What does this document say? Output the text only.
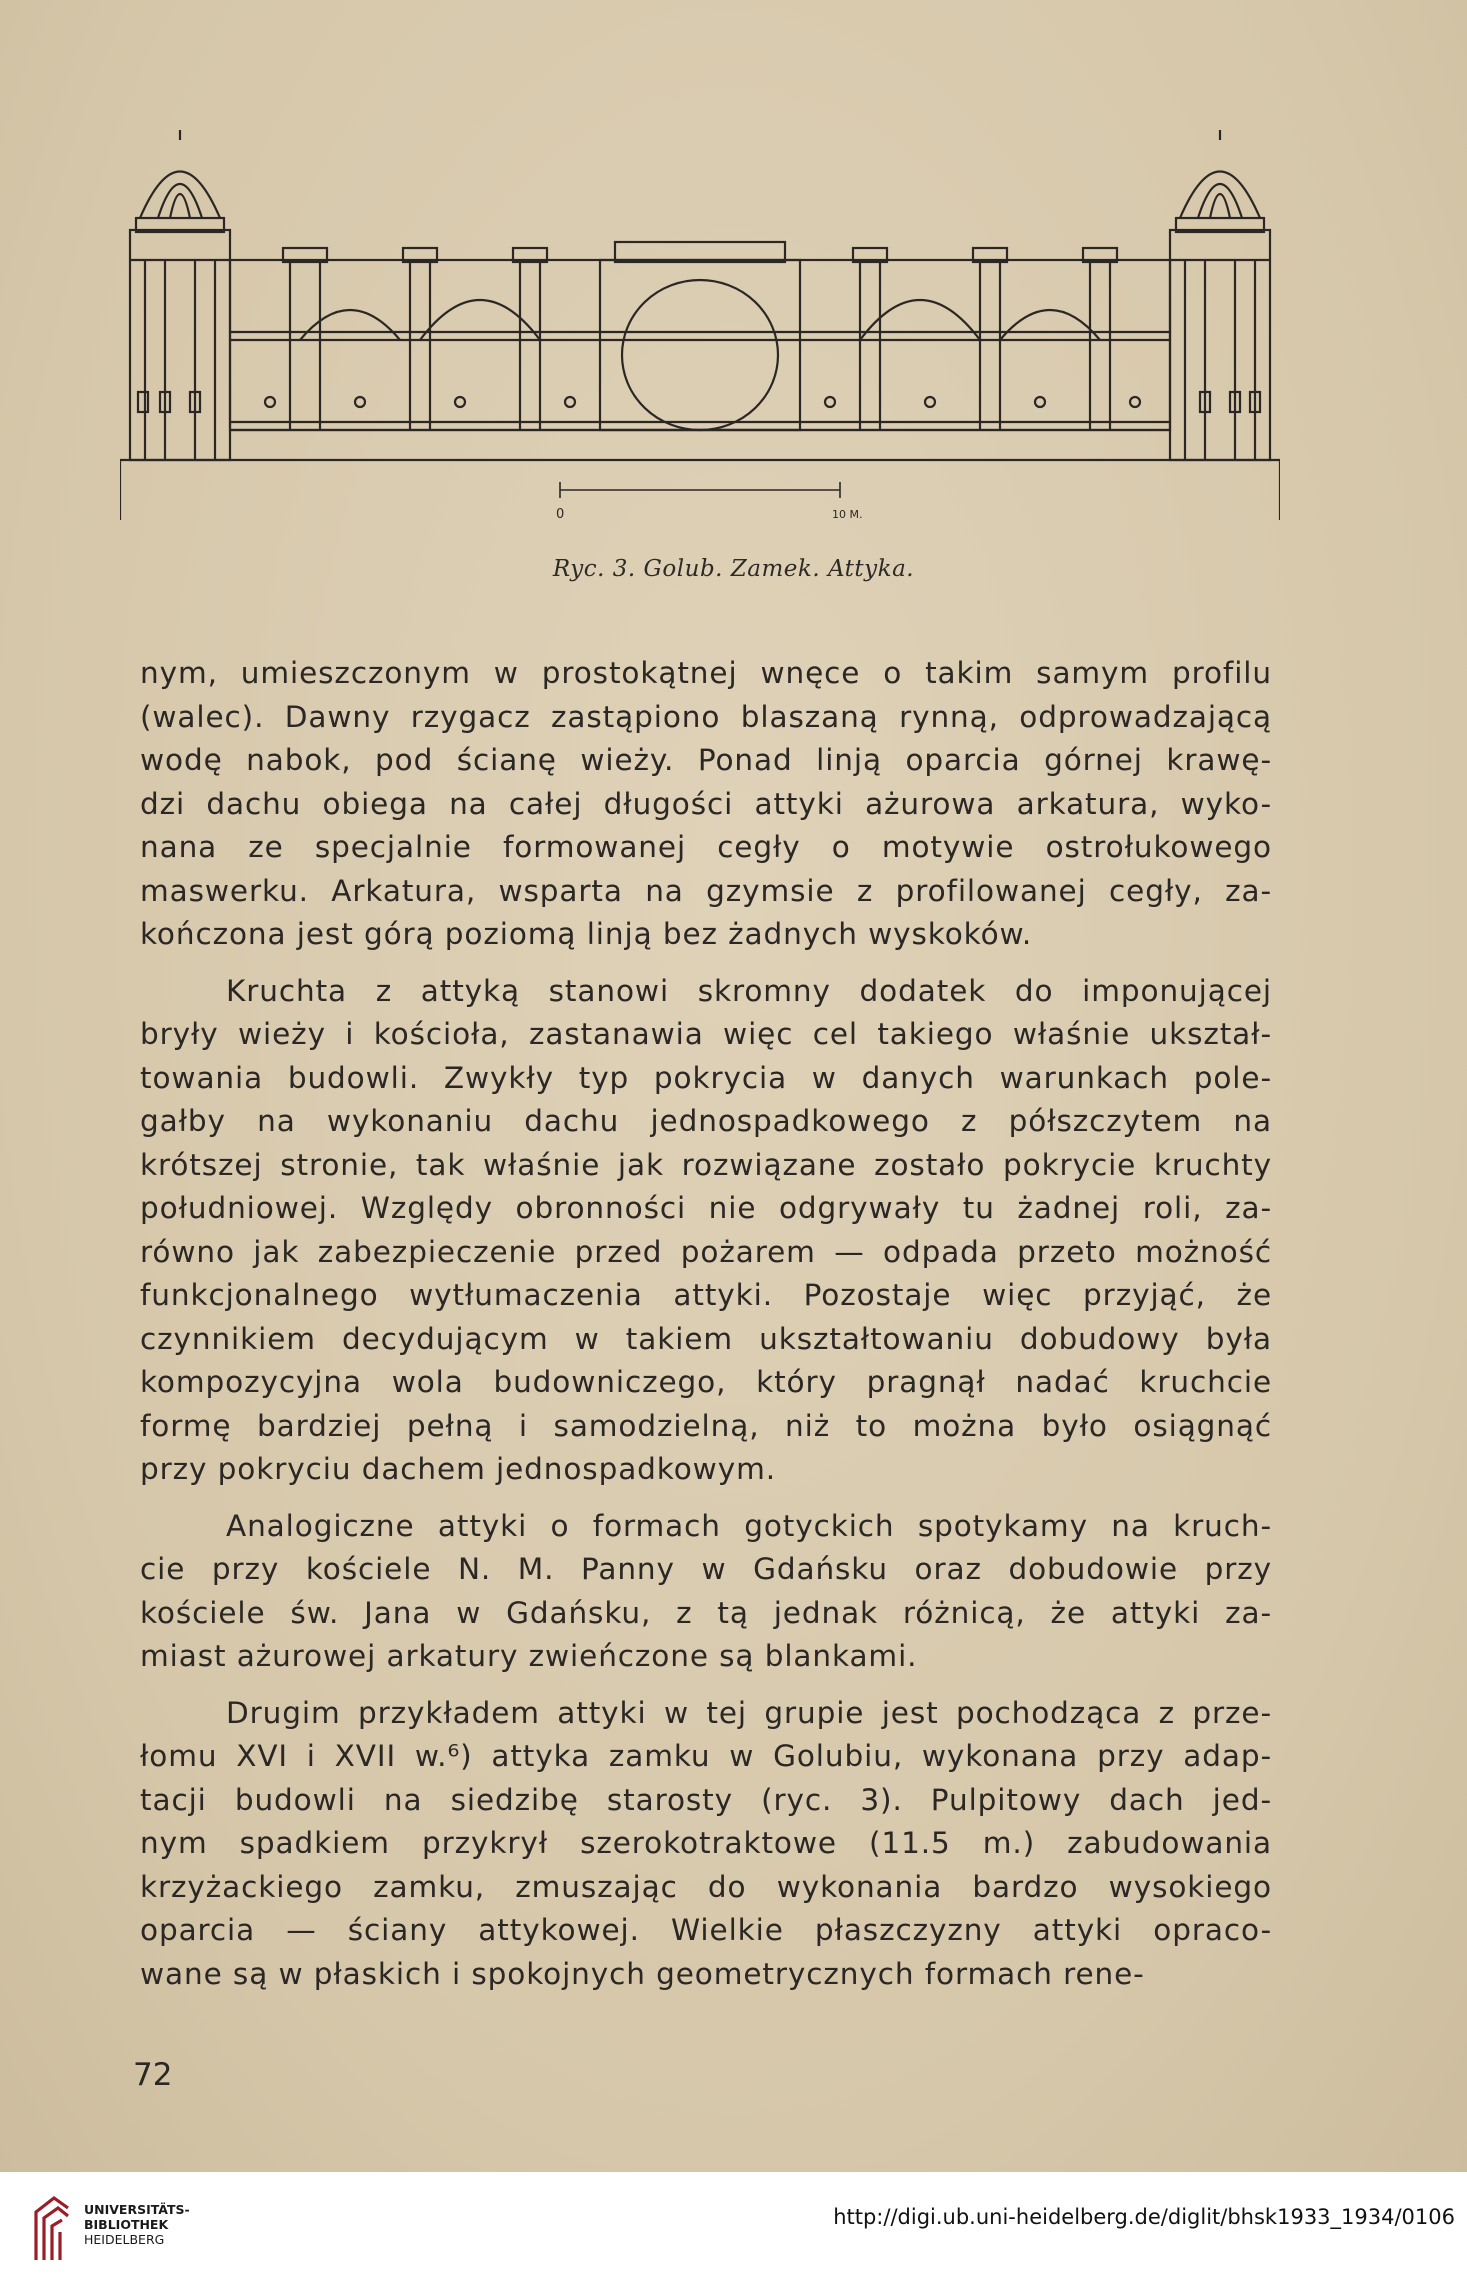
0	10 M.
Ryc. 3. Golub. Zamek. Attyka.
nym, umieszczonym w prostokątnej wnęce o takim samym profilu
(walec). Dawny rzygacz zastąpiono blaszaną rynną, odprowadzającą
wodę nabok, pod ścianę wieży. Ponad linją oparcia górnej krawę-
dzi dachu obiega na całej długości attyki ażurowa arkatura, wyko-
nana ze specjalnie formowanej cegły o motywie ostrołukowego
maswerku. Arkatura, wsparta na gzymsie z profilowanej cegły, za-
kończona jest górą poziomą linją bez żadnych wyskoków.
Kruchta z attyką stanowi skromny dodatek do imponującej
bryły wieży i kościoła, zastanawia więc cel takiego właśnie ukształ-
towania budowli. Zwykły typ pokrycia w danych warunkach pole-
gałby na wykonaniu dachu jednospadkowego z półszczytem na
krótszej stronie, tak właśnie jak rozwiązane zostało pokrycie kruchty
południowej. Względy obronności nie odgrywały tu żadnej roli, za-
równo jak zabezpieczenie przed pożarem — odpada przeto możność
funkcjonalnego wytłumaczenia attyki. Pozostaje więc przyjąć, że
czynnikiem decydującym w takiem ukształtowaniu dobudowy była
kompozycyjna wola budowniczego, który pragnął nadać kruchcie
formę bardziej pełną i samodzielną, niż to można było osiągnąć
przy pokryciu dachem jednospadkowym.
Analogiczne attyki o formach gotyckich spotykamy na kruch-
cie przy kościele N. M. Panny w Gdańsku oraz dobudowie przy
kościele św. Jana w Gdańsku, z tą jednak różnicą, że attyki za-
miast ażurowej arkatury zwieńczone są blankami.
Drugim przykładem attyki w tej grupie jest pochodząca z prze-
łomu XVI i XVII w.⁶) attyka zamku w Golubiu, wykonana przy adap-
tacji budowli na siedzibę starosty (ryc. 3). Pulpitowy dach jed-
nym spadkiem przykrył szerokotraktowe (11.5 m.) zabudowania
krzyżackiego zamku, zmuszając do wykonania bardzo wysokiego
oparcia — ściany attykowej. Wielkie płaszczyzny attyki opraco-
wane są w płaskich i spokojnych geometrycznych formach rene-
72
UNIVERSITÄTS-
BIBLIOTHEK
HEIDELBERG
http://digi.ub.uni-heidelberg.de/diglit/bhsk1933_1934/0106
